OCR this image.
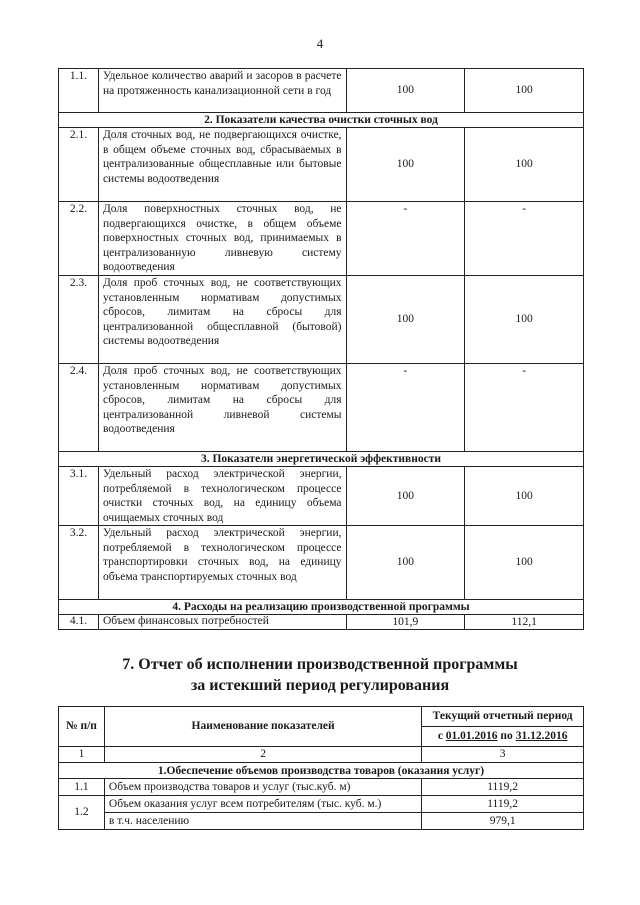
4
1.1.	Удельное количество аварий и засоров в расчете на протяженность канализационной сети в год	100	100
2. Показатели качества очистки сточных вод			
2.1.	Доля сточных вод, не подвергающихся очистке, в общем объеме сточных вод, сбрасываемых в централизованные общесплавные или бытовые системы водоотведения	100	100
2.2.	Доля поверхностных сточных вод, не подвергающихся очистке, в общем объеме поверхностных сточных вод, принимаемых в централизованную ливневую систему водоотведения	-	-
2.3.	Доля проб сточных вод, не соответствующих установленным нормативам допустимых сбросов, лимитам на сбросы для централизованной общесплавной (бытовой) системы водоотведения	100	100
2.4.	Доля проб сточных вод, не соответствующих установленным нормативам допустимых сбросов, лимитам на сбросы для централизованной ливневой системы водоотведения	-	-
3. Показатели энергетической эффективности			
3.1.	Удельный расход электрической энергии, потребляемой в технологическом процессе очистки сточных вод, на единицу объема очищаемых сточных вод	100	100
3.2.	Удельный расход электрической энергии, потребляемой в технологическом процессе транспортировки сточных вод, на единицу объема транспортируемых сточных вод	100	100
4. Расходы на реализацию производственной программы			
4.1.	Объем финансовых потребностей	101,9	112,1
7. Отчет об исполнении производственной программы
за истекший период регулирования
№ п/п	Наименование показателей	Текущий отчетный период
		с 01.01.2016 по 31.12.2016
1	2	3
1.Обеспечение объемов производства товаров (оказания услуг)		
1.1	Объем производства товаров и услуг (тыс.куб. м)	1119,2
1.2	Объем оказания услуг всем потребителям (тыс. куб. м.)	1119,2
	в т.ч. населению	979,1
